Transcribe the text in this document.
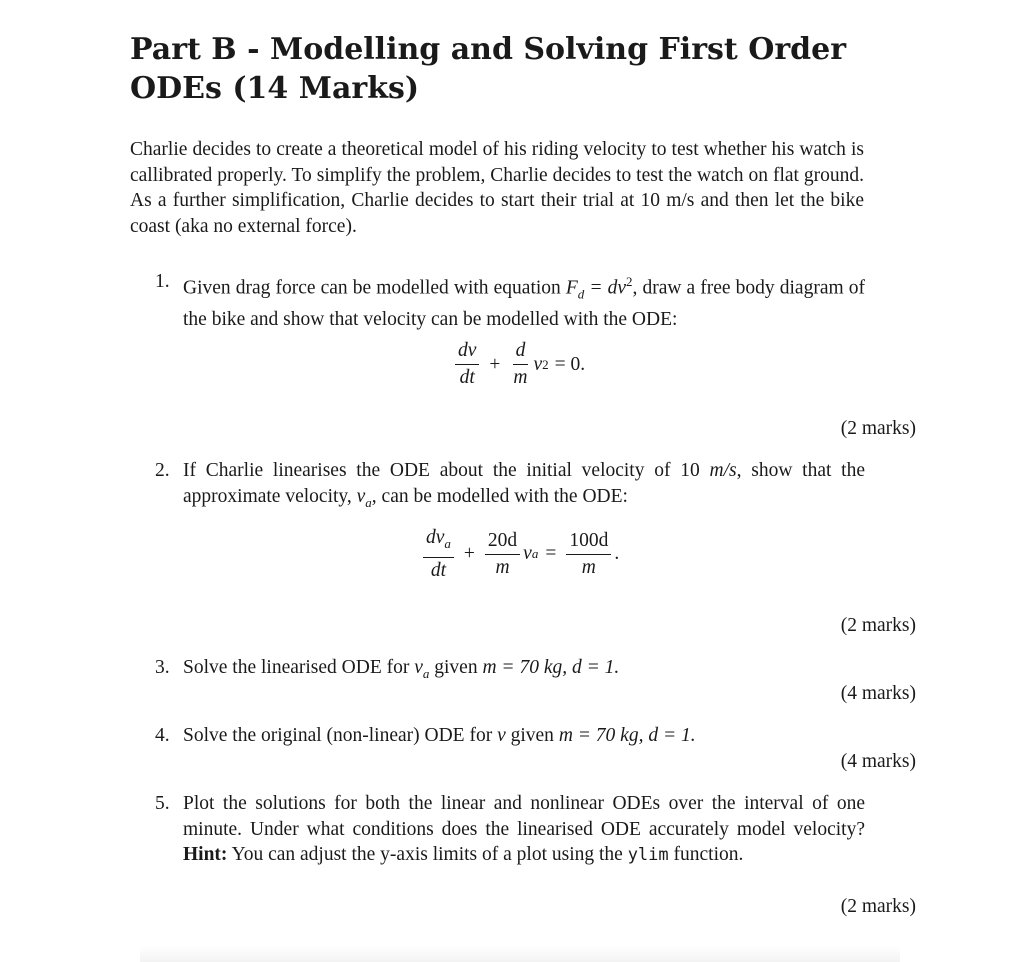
Part B - Modelling and Solving First Order ODEs (14 Marks)

Charlie decides to create a theoretical model of his riding velocity to test whether his watch is callibrated properly. To simplify the problem, Charlie decides to test the watch on flat ground. As a further simplification, Charlie decides to start their trial at 10 m/s and then let the bike coast (aka no external force).

1. Given drag force can be modelled with equation $F_d = dv^2$, draw a free body diagram of the bike and show that velocity can be modelled with the ODE:
$\frac{dv}{dt} + \frac{d}{m}$ v 2 = 0.
(2 marks)
2. If Charlie linearises the ODE about the initial velocity of 10 m/s, show that the approximate velocity, $v_a$, can be modelled with the ODE:
$\frac{dv_a}{dt} + \frac{20d}{m}$ v $a = \frac{100d}{m}$ .
(2 marks)
3. Solve the linearised ODE for $v_a$ given m = 70 kg, d = 1.
(4 marks)
4. Solve the original (non-linear) ODE for v given m = 70 kg, d = 1.
(4 marks)
5. Plot the solutions for both the linear and nonlinear ODEs over the interval of one minute. Under what conditions does the linearised ODE accurately model velocity? Hint: You can adjust the y-axis limits of a plot using the ylim function.
(2 marks)
